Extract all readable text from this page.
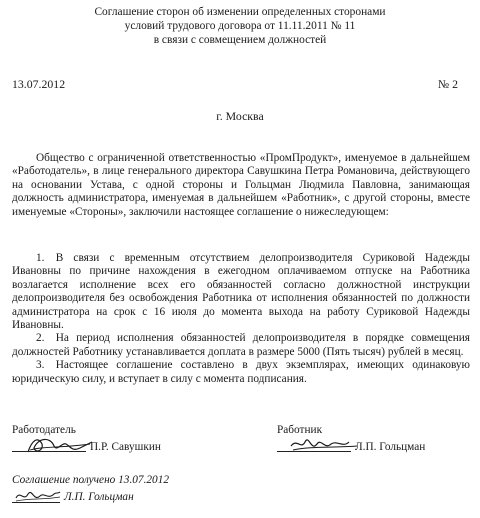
Соглашение сторон об изменении определенных сторонами
условий трудового договора от 11.11.2011 № 11
в связи с совмещением должностей
13.07.2012	№ 2
г. Москва

Общество с ограниченной ответственностью «ПромПродукт», именуемое в дальнейшем «Работодатель», в лице генерального директора Савушкина Петра Романовича, действующего на основании Устава, с одной стороны и Гольцман Людмила Павловна, занимающая должность администратора, именуемая в дальнейшем «Работник», с другой стороны, вместе именуемые «Стороны», заключили настоящее соглашение о нижеследующем:

1. В связи с временным отсутствием делопроизводителя Суриковой Надежды Ивановны по причине нахождения в ежегодном оплачиваемом отпуске на Работника возлагается исполнение всех его обязанностей согласно должностной инструкции делопроизводителя без освобождения Работника от исполнения обязанностей по должности администратора на срок с 16 июля до момента выхода на работу Суриковой Надежды Ивановны.

2. На период исполнения обязанностей делопроизводителя в порядке совмещения должностей Работнику устанавливается доплата в размере 5000 (Пять тысяч) рублей в месяц.

3. Настоящее соглашение составлено в двух экземплярах, имеющих одинаковую юридическую силу, и вступает в силу с момента подписания.

Работодатель
П.Р. Савушкин
Работник
Л.П. Гольцман
Соглашение получено 13.07.2012
Л.П. Гольцман
